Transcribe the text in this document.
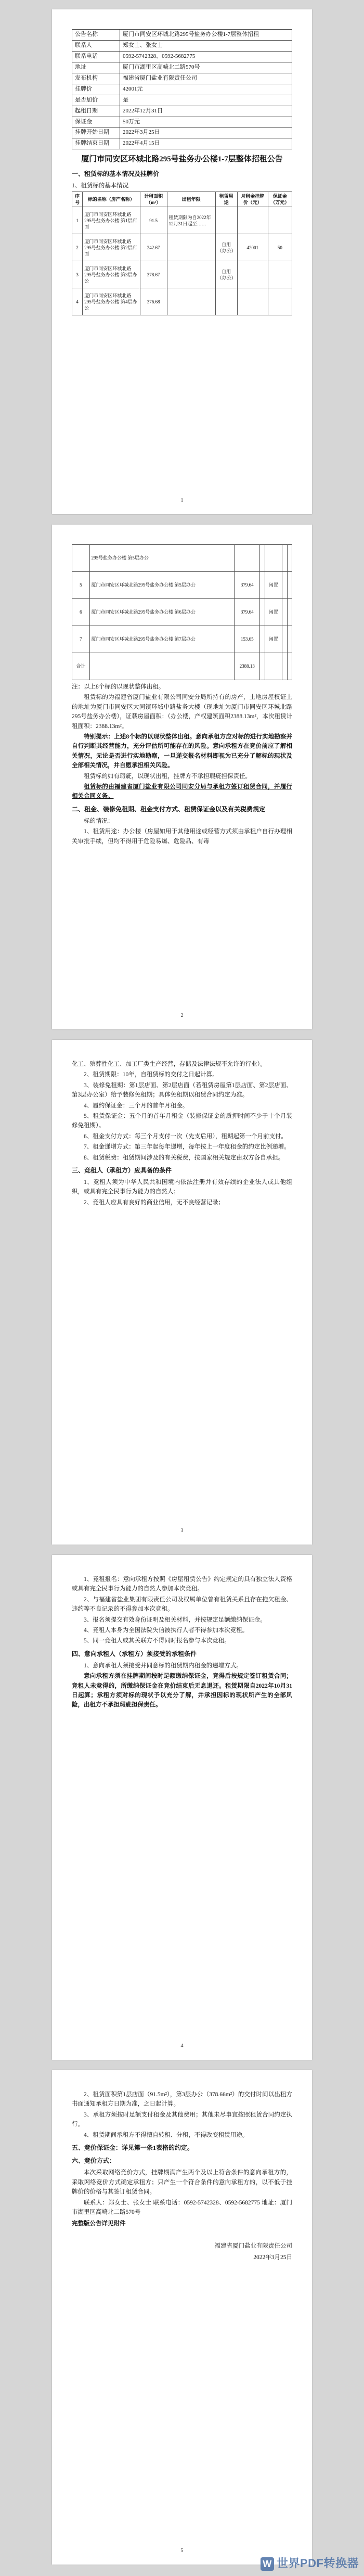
公告名称	厦门市同安区环城北路295号盐务办公楼1-7层整体招租
联系人	郑女士、张女士
联系电话	0592-5742328、0592-5682775
地址	厦门市湖里区高崎北二路570号
发布机构	福建省厦门盐业有限责任公司
挂牌价	42001元
是否加价	是
起租日期	2022年12月31日
保证金	50万元
挂牌开始日期	2022年3月25日
挂牌结束日期	2022年4月15日
厦门市同安区环城北路295号盐务办公楼1-7层整体招租公告
一、租赁标的基本情况及挂牌价

1、租赁标的基本情况

序号	标的名称（房产名称）	计租面积（m²）	出租年限	租赁用途	月租金挂牌价（元）	保证金（万元）
1	厦门市同安区环城北路295号盐务办公楼 第1层店面	91.5	租赁期限为自2022年12月31日起至……			
2	厦门市同安区环城北路295号盐务办公楼 第2层店面	242.67		自用（办公）	42001	50
3	厦门市同安区环城北路295号盐务办公楼 第3层办公	378.67		自用（办公）		
4	厦门市同安区环城北路295号盐务办公楼 第4层办公	376.68				
1
	295号盐务办公楼 第5层办公					
5	厦门市同安区环城北路295号盐务办公楼 第5层办公	379.64		闲置		
6	厦门市同安区环城北路295号盐务办公楼 第6层办公	379.64		闲置		
7	厦门市同安区环城北路295号盐务办公楼 第7层办公	153.65		闲置		
合计		2388.13				

注：以上8个标的以现状整体出租。

租赁标的为福建省厦门盐业有限公司同安分局所持有的房产，土地房屋权证上的地址为厦门市同安区大同镇环城中路盐务大楼（现地址为厦门市同安区环城北路295号盐务办公楼），证载房屋面积：（办公楼，产权建筑面积2388.13m²，本次租赁计租面积：2388.13m²。

特别提示：上述8个标的以现状整体出租。意向承租方应对标的进行实地勘察并自行判断其经营能力，充分评估所可能存在的风险。意向承租方在竞价前应了解相关情况，无论是否进行实地勘察，一旦递交报名材料即视为已充分了解标的现状及全部相关情况，并自愿承担相关风险。

租赁标的如有瑕疵，以现状出租，挂牌方不承担瑕疵担保责任。

租赁标的由福建省厦门盐业有限公司同安分局与承租方签订租赁合同，并履行相关合同义务。

二、租金、装修免租期、租金支付方式、租赁保证金以及有关税费规定

标的情况：

1、租赁用途：办公楼（房屋如用于其他用途或经营方式须由承租户自行办理相关审批手续，但均不得用于危险易爆、危险品、有毒

2

化工、殡葬性化工、加工厂类生产经营，存储及法律法规不允许的行业）。

2、租赁期限：10年，自租赁标的交付之日起计算。

3、装修免租期：第1层店面、第2层店面（若租赁房屋第1层店面、第2层店面、第3层办公室）给予装修免租期；具体免租期以租赁合同约定为准。

4、履约保证金：三个月的首年月租金。

5、租赁保证金：五个月的首年月租金（装修保证金的质押时间不少于十个月装修免租期）。

6、租金支付方式：每三个月支付一次（先支后用），租期起第一个月前支付。

7、租金递增方式：第三年起每年递增，每年按上一年度租金的约定比例递增。

8、租赁税费：租赁期间涉及的有关税费，按国家相关规定由双方各自承担。

三、竞租人（承租方）应具备的条件

1、竞租人须为中华人民共和国境内依法注册并有效存续的企业法人或其他组织，或具有完全民事行为能力的自然人；

2、竞租人应具有良好的商业信用，无不良经营记录；

3

1、竞租报名：意向承租方按照《房屋租赁公告》约定规定的具有独立法人资格或具有完全民事行为能力的自然人参加本次竞租。

2、与福建省盐业集团有限责任公司及权属单位曾有租赁关系且存在拖欠租金、违约等不良记录的不得参加本次竞租。

3、报名须提交有效身份证明及相关材料，并按规定足额缴纳保证金。

4、竞租人本身为全国法院失信被执行人者不得参加本次竞租。

5、同一竞租人或其关联方不得同时报名参与本次竞租。

四、意向承租人（承租方）须接受的承租条件

1、意向承租人须接受并同意标的租赁期内租金的递增方式。

意向承租方须在挂牌期间按时足额缴纳保证金，竞得后按规定签订租赁合同；竞租人未竞得的，所缴纳保证金在竞价结束后无息退还。租赁期限自2022年10月31日起算；承租方须对标的现状予以充分了解，并承担因标的现状所产生的全部风险，出租方不承担瑕疵担保责任。

4

2、租赁面积第1层店面（91.5m²），第3层办公（378.66m²）的交付时间以出租方书面通知承租方日期为准，之日起计算。

3、承租方须按时足额支付租金及其他费用；其他未尽事宜按照租赁合同约定执行。

4、租赁期间承租方不得擅自转租、分租，不得改变租赁用途。

五、竞价保证金：详见第一条1表格的约定。
六、竞价方式：

本次采取网络竞价方式，挂牌期满产生两个及以上符合条件的意向承租方的，采取网络竞价方式确定承租方；只产生一个符合条件的意向承租方的，以不低于挂牌价的价格与其签订租赁合同。

联系人：郑女士、张女士 联系电话：0592-5742328、0592-5682775 地址：厦门市湖里区高崎北二路570号

完整版公告详见附件

福建省厦门盐业有限责任公司
2022年3月25日
5
W 世界PDF转换器
